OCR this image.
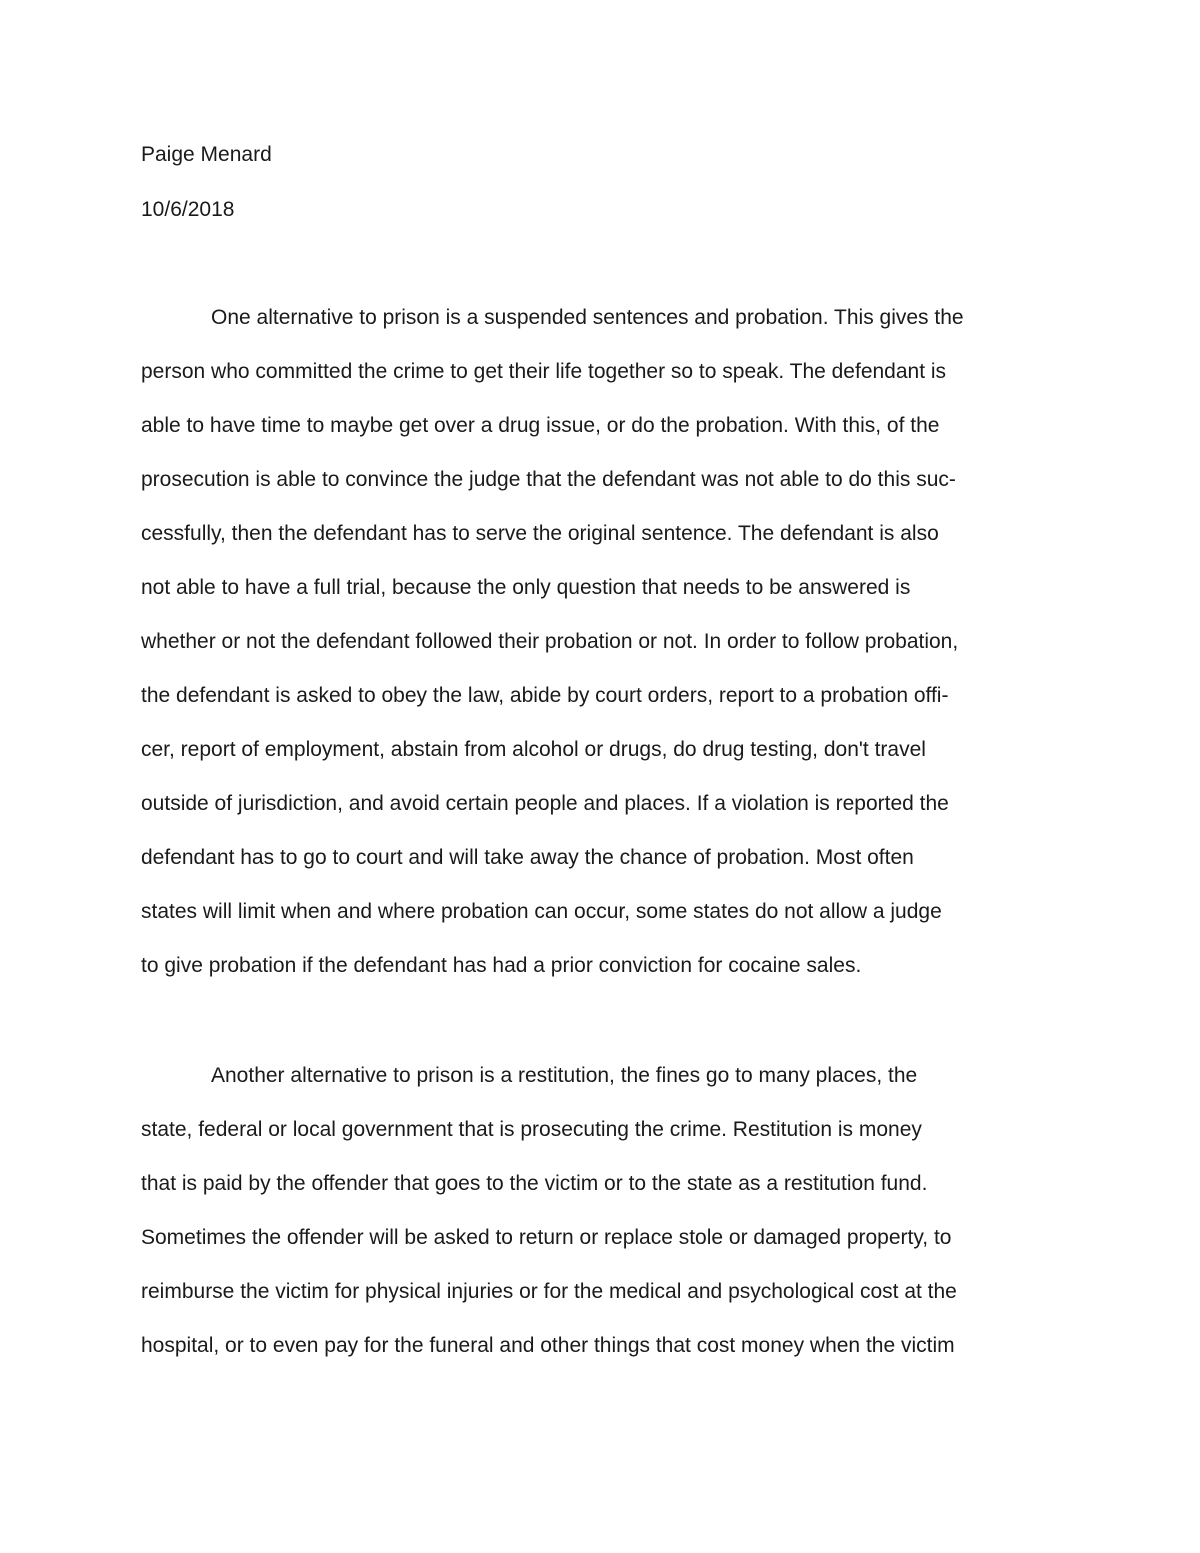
Paige Menard
10/6/2018
One alternative to prison is a suspended sentences and probation. This gives the
person who committed the crime to get their life together so to speak. The defendant is
able to have time to maybe get over a drug issue, or do the probation. With this, of the
prosecution is able to convince the judge that the defendant was not able to do this suc-
cessfully, then the defendant has to serve the original sentence. The defendant is also
not able to have a full trial, because the only question that needs to be answered is
whether or not the defendant followed their probation or not. In order to follow probation,
the defendant is asked to obey the law, abide by court orders, report to a probation offi-
cer, report of employment, abstain from alcohol or drugs, do drug testing, don't travel
outside of jurisdiction, and avoid certain people and places. If a violation is reported the
defendant has to go to court and will take away the chance of probation. Most often
states will limit when and where probation can occur, some states do not allow a judge
to give probation if the defendant has had a prior conviction for cocaine sales.
Another alternative to prison is a restitution, the fines go to many places, the
state, federal or local government that is prosecuting the crime. Restitution is money
that is paid by the offender that goes to the victim or to the state as a restitution fund.
Sometimes the offender will be asked to return or replace stole or damaged property, to
reimburse the victim for physical injuries or for the medical and psychological cost at the
hospital, or to even pay for the funeral and other things that cost money when the victim
